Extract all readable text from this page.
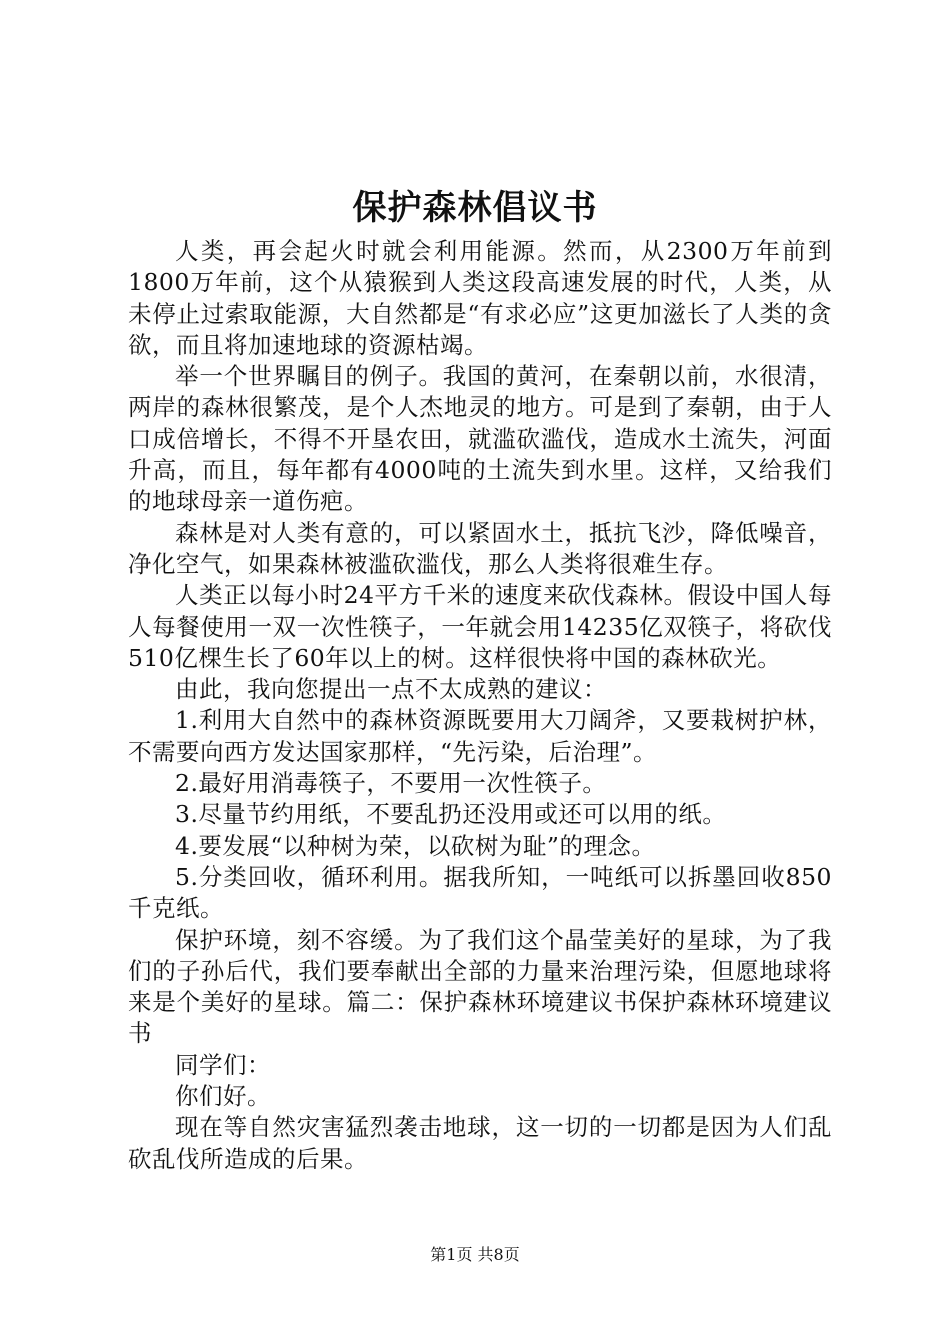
保护森林倡议书

人类，再会起火时就会利用能源。然而，从2300万年前到1800万年前，这个从猿猴到人类这段高速发展的时代，人类，从未停止过索取能源，大自然都是“有求必应”这更加滋长了人类的贪欲，而且将加速地球的资源枯竭。

举一个世界瞩目的例子。我国的黄河，在秦朝以前，水很清，两岸的森林很繁茂，是个人杰地灵的地方。可是到了秦朝，由于人口成倍增长，不得不开垦农田，就滥砍滥伐，造成水土流失，河面升高，而且，每年都有4000吨的土流失到水里。这样，又给我们的地球母亲一道伤疤。

森林是对人类有意的，可以紧固水土，抵抗飞沙，降低噪音，净化空气，如果森林被滥砍滥伐，那么人类将很难生存。

人类正以每小时24平方千米的速度来砍伐森林。假设中国人每人每餐使用一双一次性筷子，一年就会用14235亿双筷子，将砍伐510亿棵生长了60年以上的树。这样很快将中国的森林砍光。

由此，我向您提出一点不太成熟的建议：

1.利用大自然中的森林资源既要用大刀阔斧，又要栽树护林，不需要向西方发达国家那样，“先污染，后治理”。

2.最好用消毒筷子，不要用一次性筷子。

3.尽量节约用纸，不要乱扔还没用或还可以用的纸。

4.要发展“以种树为荣，以砍树为耻”的理念。

5.分类回收，循环利用。据我所知，一吨纸可以拆墨回收850千克纸。

保护环境，刻不容缓。为了我们这个晶莹美好的星球，为了我们的子孙后代，我们要奉献出全部的力量来治理污染，但愿地球将来是个美好的星球。篇二：保护森林环境建议书保护森林环境建议书

同学们：

你们好。

现在等自然灾害猛烈袭击地球，这一切的一切都是因为人们乱砍乱伐所造成的后果。

第1页 共8页
